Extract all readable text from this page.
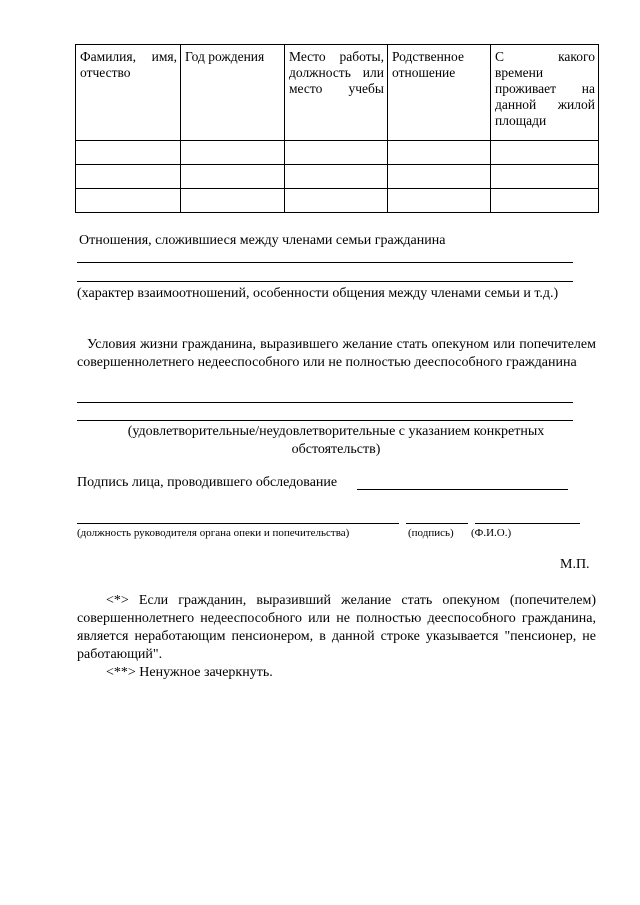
Фамилия, имя, отчество	Год рождения	Место работы, должность или место учебы	Родственное отношение	С какого времени проживает на данной жилой площади

Отношения, сложившиеся между членами семьи гражданина
(характер взаимоотношений, особенности общения между членами семьи и т.д.)
Условия жизни гражданина, выразившего желание стать опекуном или попечителем совершеннолетнего недееспособного или не полностью дееспособного гражданина
(удовлетворительные/неудовлетворительные с указанием конкретных обстоятельств)
Подпись лица, проводившего обследование
(должность руководителя органа опеки и попечительства)	(подпись) (Ф.И.О.)
М.П.
<*> Если гражданин, выразивший желание стать опекуном (попечителем) совершеннолетнего недееспособного или не полностью дееспособного гражданина, является неработающим пенсионером, в данной строке указывается "пенсионер, не работающий".
<**> Ненужное зачеркнуть.
